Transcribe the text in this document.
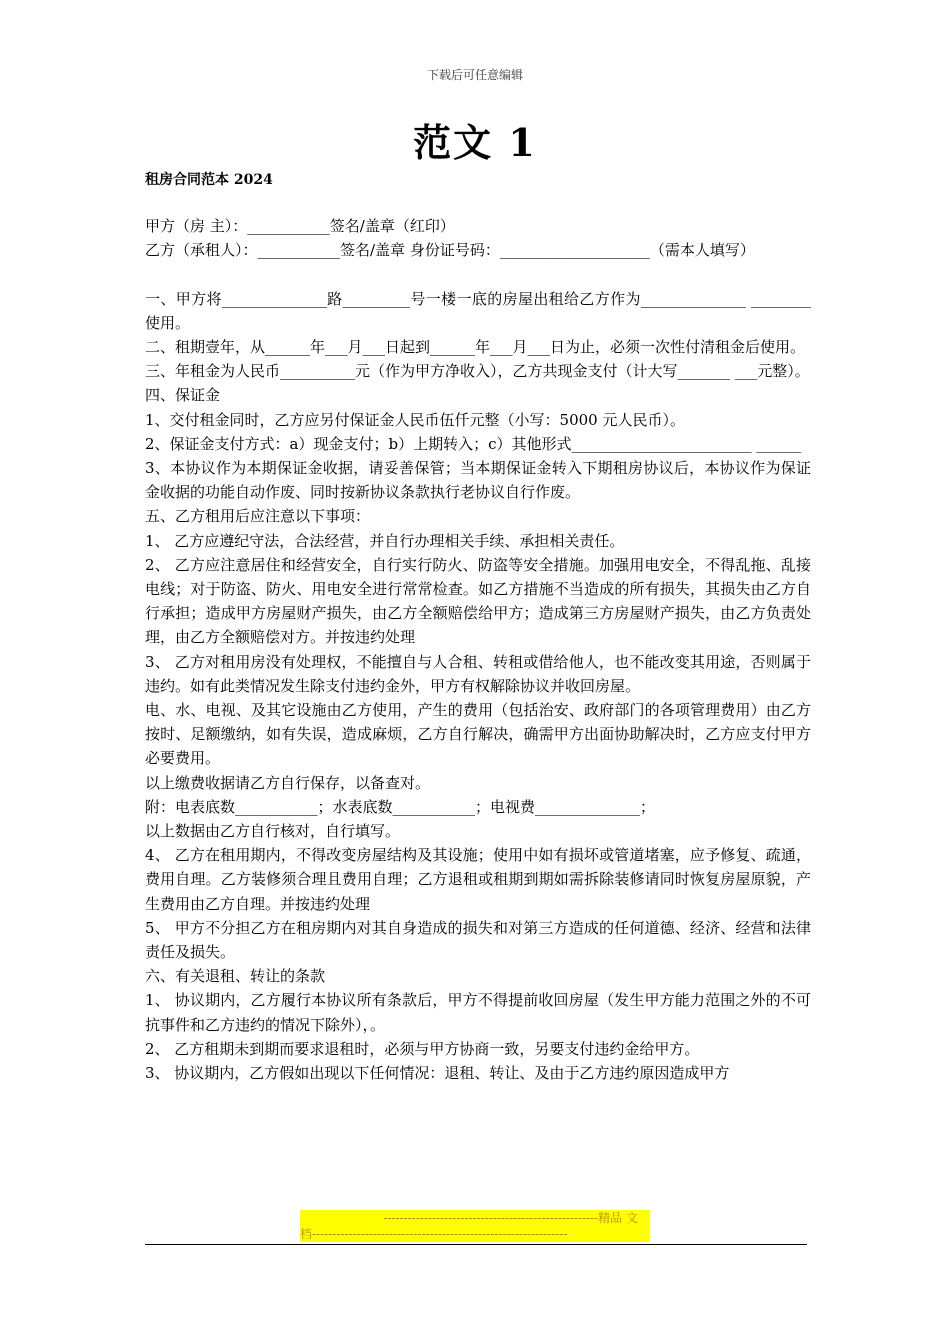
下载后可任意编辑
范文 1
租房合同范本 2024

甲方（房 主）：___________签名/盖章（红印）

乙方（承租人）：___________签名/盖章 身份证号码：____________________（需本人填写）

一、甲方将______________路_________号一楼一底的房屋出租给乙方作为______________ ________使用。

二、租期壹年，从______年___月___日起到______年___月___日为止，必须一次性付清租金后使用。

三、年租金为人民币__________元（作为甲方净收入），乙方共现金支付（计大写_______ ___元整）。

四、保证金

1、交付租金同时，乙方应另付保证金人民币伍仟元整（小写：5000 元人民币）。

2、保证金支付方式：a）现金支付；b）上期转入；c）其他形式________________________ ______

3、本协议作为本期保证金收据，请妥善保管；当本期保证金转入下期租房协议后，本协议作为保证金收据的功能自动作废、同时按新协议条款执行老协议自行作废。

五、乙方租用后应注意以下事项：

1、 乙方应遵纪守法，合法经营，并自行办理相关手续、承担相关责任。

2、 乙方应注意居住和经营安全，自行实行防火、防盗等安全措施。加强用电安全，不得乱拖、乱接电线；对于防盗、防火、用电安全进行常常检查。如乙方措施不当造成的所有损失，其损失由乙方自行承担；造成甲方房屋财产损失，由乙方全额赔偿给甲方；造成第三方房屋财产损失，由乙方负责处理，由乙方全额赔偿对方。并按违约处理

3、 乙方对租用房没有处理权，不能擅自与人合租、转租或借给他人，也不能改变其用途，否则属于违约。如有此类情况发生除支付违约金外，甲方有权解除协议并收回房屋。

电、水、电视、及其它设施由乙方使用，产生的费用（包括治安、政府部门的各项管理费用）由乙方按时、足额缴纳，如有失误，造成麻烦，乙方自行解决，确需甲方出面协助解决时，乙方应支付甲方必要费用。

以上缴费收据请乙方自行保存，以备查对。

附：电表底数___________；水表底数___________；电视费______________；

以上数据由乙方自行核对，自行填写。

4、 乙方在租用期内，不得改变房屋结构及其设施；使用中如有损坏或管道堵塞，应予修复、疏通，费用自理。乙方装修须合理且费用自理；乙方退租或租期到期如需拆除装修请同时恢复房屋原貌，产生费用由乙方自理。并按违约处理

5、 甲方不分担乙方在租房期内对其自身造成的损失和对第三方造成的任何道德、经济、经营和法律责任及损失。

六、有关退租、转让的条款

1、 协议期内，乙方履行本协议所有条款后，甲方不得提前收回房屋（发生甲方能力范围之外的不可抗事件和乙方违约的情况下除外），。

2、 乙方租期未到期而要求退租时，必须与甲方协商一致，另要支付违约金给甲方。

3、 协议期内，乙方假如出现以下任何情况：退租、转让、及由于乙方违约原因造成甲方

-----------------------------------------------------精品 文
档---------------------------------------------------------------
